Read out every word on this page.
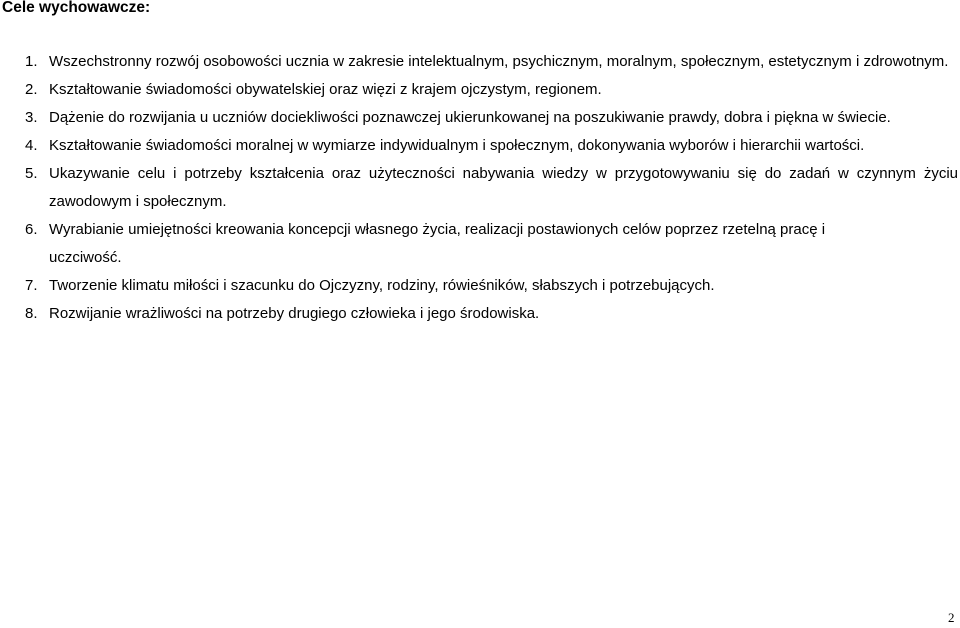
Cele wychowawcze:
1. Wszechstronny rozwój osobowości ucznia w zakresie intelektualnym, psychicznym, moralnym, społecznym, estetycznym i zdrowotnym.
2. Kształtowanie świadomości obywatelskiej oraz więzi z krajem ojczystym, regionem.
3. Dążenie do rozwijania u uczniów dociekliwości poznawczej ukierunkowanej na poszukiwanie prawdy, dobra i piękna w świecie.
4. Kształtowanie świadomości moralnej w wymiarze indywidualnym i społecznym, dokonywania wyborów i hierarchii wartości.
5. Ukazywanie celu i potrzeby kształcenia oraz użyteczności nabywania wiedzy w przygotowywaniu się do zadań w czynnym życiu zawodowym i społecznym.
6. Wyrabianie umiejętności kreowania koncepcji własnego życia, realizacji postawionych celów poprzez rzetelną pracę i uczciwość.
7. Tworzenie klimatu miłości i szacunku do Ojczyzny, rodziny, rówieśników, słabszych i potrzebujących.
8. Rozwijanie wrażliwości na potrzeby drugiego człowieka i jego środowiska.

2
